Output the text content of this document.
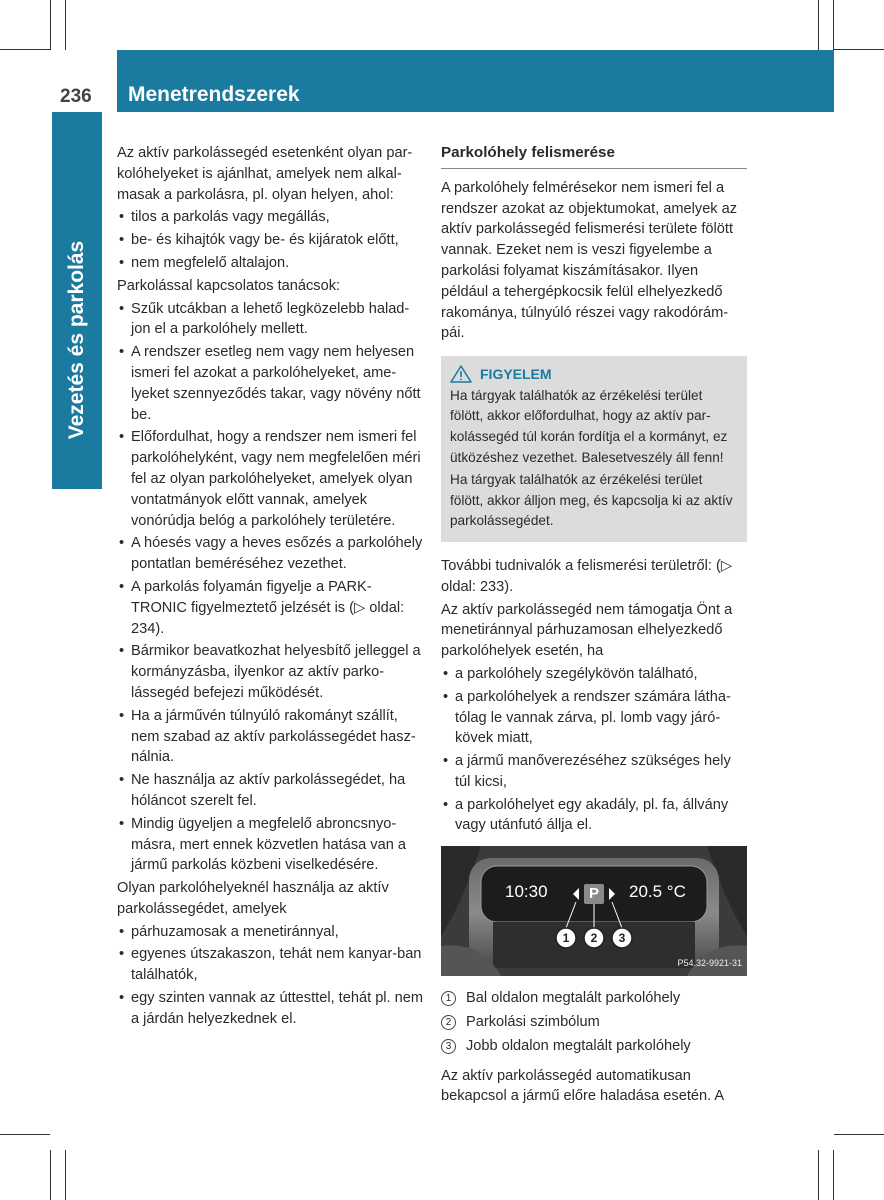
236 Menetrendszerek
Vezetés és parkolás

Az aktív parkolássegéd esetenként olyan par-kolóhelyeket is ajánlhat, amelyek nem alkal-masak a parkolásra, pl. olyan helyen, ahol:

• tilos a parkolás vagy megállás,
• be- és kihajtók vagy be- és kijáratok előtt,
• nem megfelelő altalajon.

Parkolással kapcsolatos tanácsok:

• Szűk utcákban a lehető legközelebb halad-jon el a parkolóhely mellett.
• A rendszer esetleg nem vagy nem helyesen ismeri fel azokat a parkolóhelyeket, ame-lyeket szennyeződés takar, vagy növény nőtt be.
• Előfordulhat, hogy a rendszer nem ismeri fel parkolóhelyként, vagy nem megfelelően méri fel az olyan parkolóhelyeket, amelyek olyan vontatmányok előtt vannak, amelyek vonórúdja belóg a parkolóhely területére.
• A hóesés vagy a heves esőzés a parkolóhely pontatlan beméréséhez vezethet.
• A parkolás folyamán figyelje a PARK-TRONIC figyelmeztető jelzését is (▷ oldal: 234).
• Bármikor beavatkozhat helyesbítő jelleggel a kormányzásba, ilyenkor az aktív parko-lássegéd befejezi működését.
• Ha a járművén túlnyúló rakományt szállít, nem szabad az aktív parkolássegédet hasz-nálnia.
• Ne használja az aktív parkolássegédet, ha hóláncot szerelt fel.
• Mindig ügyeljen a megfelelő abroncsnyo-másra, mert ennek közvetlen hatása van a jármű parkolás közbeni viselkedésére.

Olyan parkolóhelyeknél használja az aktív parkolássegédet, amelyek

• párhuzamosak a menetiránnyal,
• egyenes útszakaszon, tehát nem kanyar-ban találhatók,
• egy szinten vannak az úttesttel, tehát pl. nem a járdán helyezkednek el.
Parkolóhely felismerése

A parkolóhely felmérésekor nem ismeri fel a rendszer azokat az objektumokat, amelyek az aktív parkolássegéd felismerési területe fölött vannak. Ezeket nem is veszi figyelembe a parkolási folyamat kiszámításakor. Ilyen például a tehergépkocsik felül elhelyezkedő rakománya, túlnyúló részei vagy rakodórám-pái.

FIGYELEM

Ha tárgyak találhatók az érzékelési terület fölött, akkor előfordulhat, hogy az aktív par-kolássegéd túl korán fordítja el a kormányt, ez ütközéshez vezethet. Balesetveszély áll fenn!

Ha tárgyak találhatók az érzékelési terület fölött, akkor álljon meg, és kapcsolja ki az aktív parkolássegédet.

További tudnivalók a felismerési területről: (▷ oldal: 233).

Az aktív parkolássegéd nem támogatja Önt a menetiránnyal párhuzamosan elhelyezkedő parkolóhelyek esetén, ha

• a parkolóhely szegélykövön található,
• a parkolóhelyek a rendszer számára látha-tólag le vannak zárva, pl. lomb vagy járó-kövek miatt,
• a jármű manőverezéséhez szükséges hely túl kicsi,
• a parkolóhelyet egy akadály, pl. fa, állvány vagy utánfutó állja el.
10:30	P 20.5 °C
1	2	3
P54.32-9921-31
1	Bal oldalon megtalált parkolóhely
2	Parkolási szimbólum
3	Jobb oldalon megtalált parkolóhely

Az aktív parkolássegéd automatikusan bekapcsol a jármű előre haladása esetén. A
